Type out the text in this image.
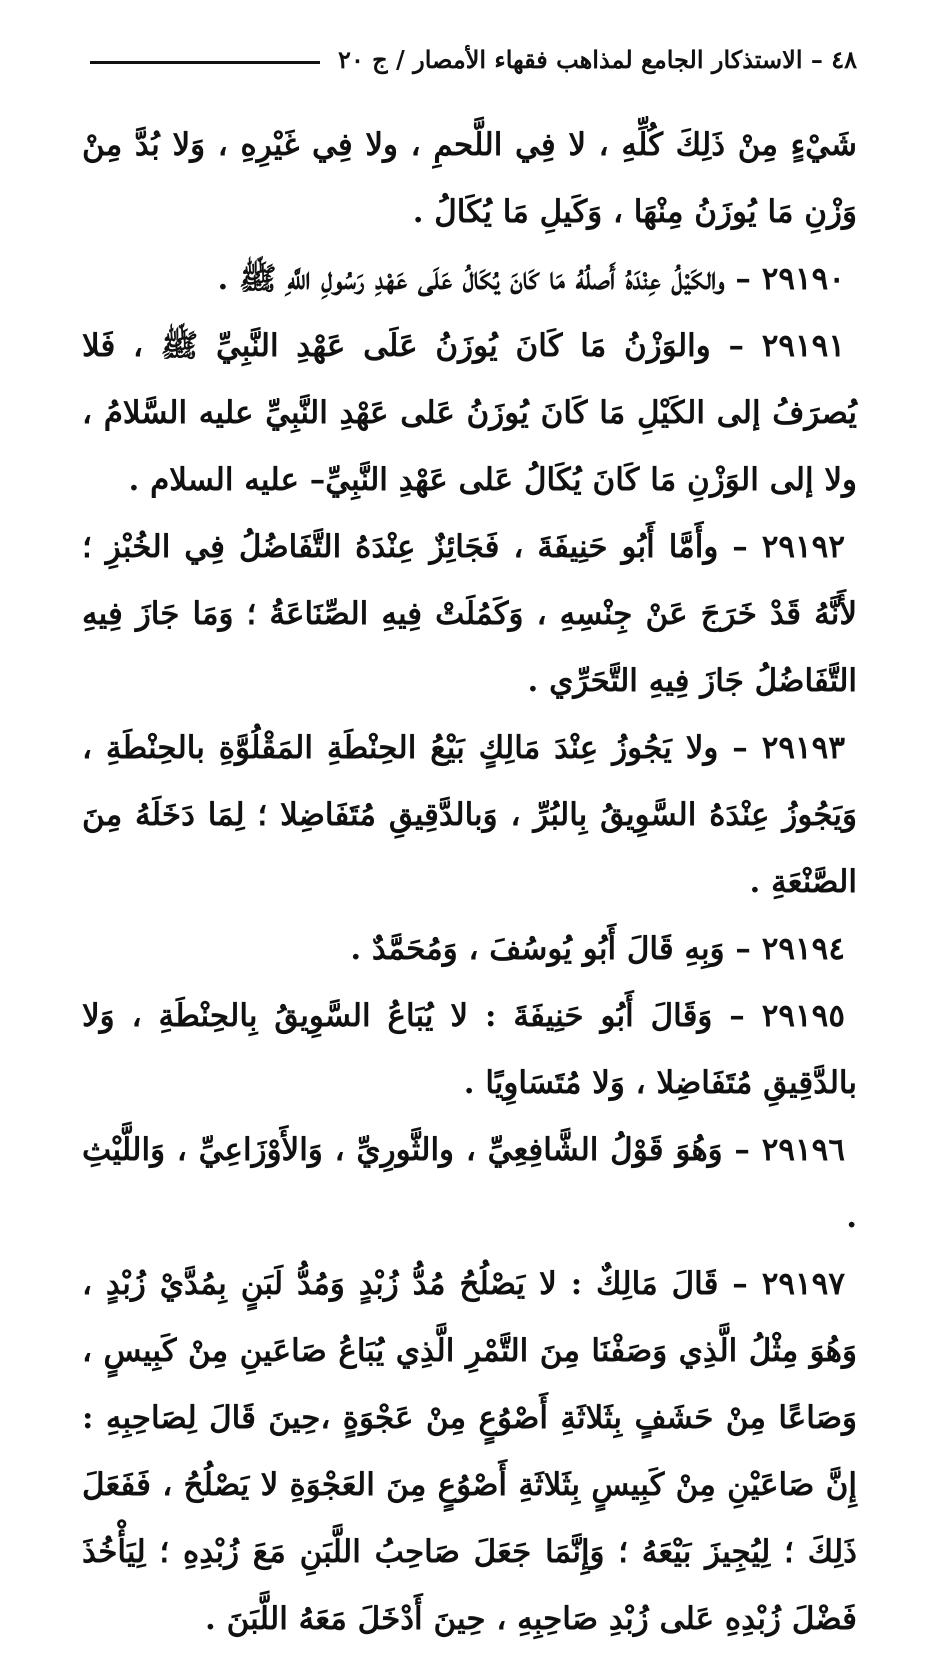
٤٨ – الاستذكار الجامع لمذاهب فقهاء الأمصار / ج ٢٠

شَيْءٍ مِنْ ذَلِكَ كُلِّهِ ، لا فِي اللَّحمِ ، ولا فِي غَيْرِهِ ، وَلا بُدَّ مِنْ وَزْنِ مَا يُوزَنُ مِنْهَا ، وَكَيلِ مَا يُكَالُ .

٢٩١٩٠ – والكَيْلُ عِنْدَهُ أَصلُهُ مَا كَانَ يُكَالُ عَلَى عَهْدِ رَسُولِ اللَّهِ ﷺ .

٢٩١٩١ – والوَزْنُ مَا كَانَ يُوزَنُ عَلَى عَهْدِ النَّبِيِّ ﷺ ، فَلا يُصرَفُ إلى الكَيْلِ مَا كَانَ يُوزَنُ عَلى عَهْدِ النَّبِيِّ عليه السَّلامُ ، ولا إلى الوَزْنِ مَا كَانَ يُكَالُ عَلى عَهْدِ النَّبِيِّ– عليه السلام .

٢٩١٩٢ – وأَمَّا أَبُو حَنِيفَةَ ، فَجَائِزٌ عِنْدَهُ التَّفَاضُلُ فِي الخُبْزِ ؛ لأَنَّهُ قَدْ خَرَجَ عَنْ جِنْسِهِ ، وَكَمُلَتْ فِيهِ الصِّنَاعَةُ ؛ وَمَا جَازَ فِيهِ التَّفَاضُلُ جَازَ فِيهِ التَّحَرِّي .

٢٩١٩٣ – ولا يَجُوزُ عِنْدَ مَالِكٍ بَيْعُ الحِنْطَةِ المَقْلُوَّةِ بالحِنْطَةِ ، وَيَجُوزُ عِنْدَهُ السَّوِيقُ بِالبُرِّ ، وَبالدَّقِيقِ مُتَفَاضِلا ؛ لِمَا دَخَلَهُ مِنَ الصَّنْعَةِ .

٢٩١٩٤ – وَبِهِ قَالَ أَبُو يُوسُفَ ، وَمُحَمَّدٌ .

٢٩١٩٥ – وَقَالَ أَبُو حَنِيفَةَ : لا يُبَاعُ السَّوِيقُ بِالحِنْطَةِ ، وَلا بالدَّقِيقِ مُتَفَاضِلا ، وَلا مُتَسَاوِيًا .

٢٩١٩٦ – وَهُوَ قَوْلُ الشَّافِعِيِّ ، والثَّورِيِّ ، وَالأَوْزَاعِيِّ ، وَاللَّيْثِ .

٢٩١٩٧ – قَالَ مَالِكٌ : لا يَصْلُحُ مُدُّ زُبْدٍ وَمُدُّ لَبَنٍ بِمُدَّيْ زُبْدٍ ، وَهُوَ مِثْلُ الَّذِي وَصَفْنَا مِنَ التَّمْرِ الَّذِي يُبَاعُ صَاعَينِ مِنْ كَبِيسٍ ، وَصَاعًا مِنْ حَشَفٍ بِثَلاثَةِ أَصْوُعٍ مِنْ عَجْوَةٍ ،حِينَ قَالَ لِصَاحِبِهِ : إِنَّ صَاعَيْنِ مِنْ كَبِيسٍ بِثَلاثَةِ أَصْوُعٍ مِنَ العَجْوَةِ لا يَصْلُحُ ، فَفَعَلَ ذَلِكَ ؛ لِيُجِيزَ بَيْعَهُ ؛ وَإِنَّمَا جَعَلَ صَاحِبُ اللَّبَنِ مَعَ زُبْدِهِ ؛ لِيَأْخُذَ فَضْلَ زُبْدِهِ عَلى زُبْدِ صَاحِبِهِ ، حِينَ أَدْخَلَ مَعَهُ اللَّبَنَ .
